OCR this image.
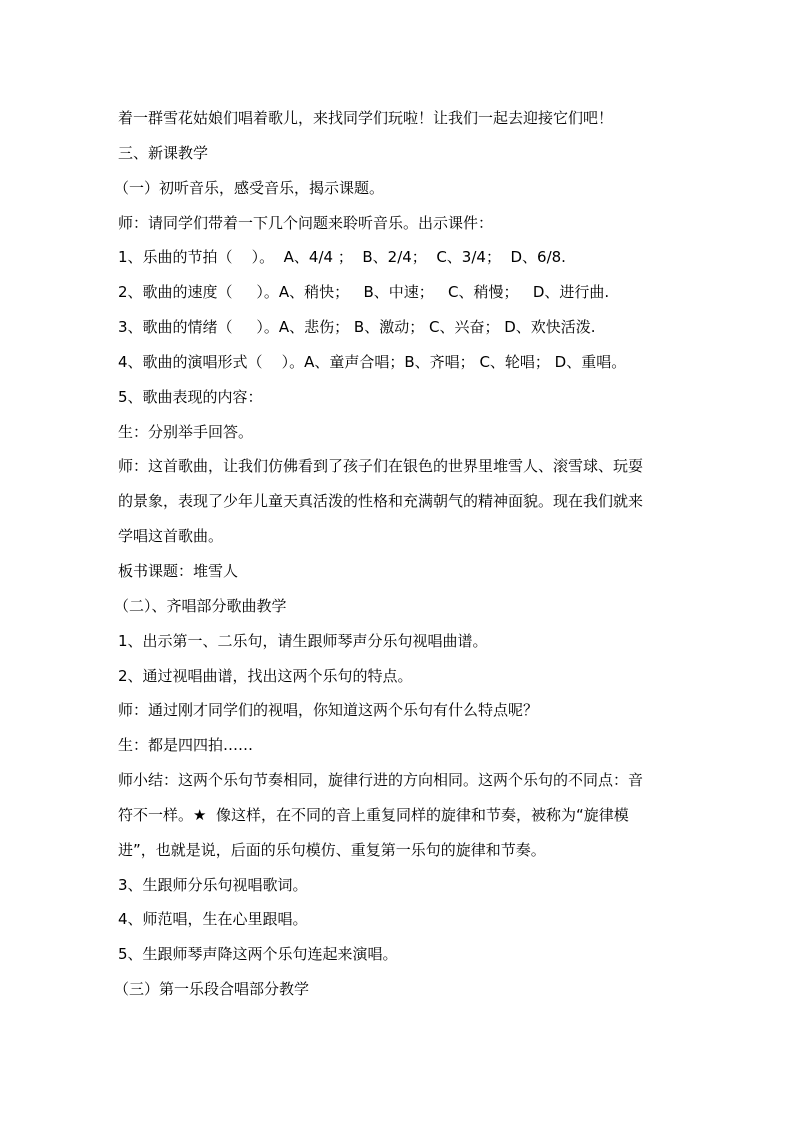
着一群雪花姑娘们唱着歌儿，来找同学们玩啦！让我们一起去迎接它们吧！
三、新课教学
（一）初听音乐，感受音乐，揭示课题。
师：请同学们带着一下几个问题来聆听音乐。出示课件：
1、乐曲的节拍（    ）。  A、4/4 ；  B、2/4；  C、3/4；  D、6/8.
2、歌曲的速度（     ）。A、稍快；   B、中速；   C、稍慢；   D、进行曲.
3、歌曲的情绪（     ）。A、悲伤； B、激动； C、兴奋； D、欢快活泼.
4、歌曲的演唱形式（    ）。A、童声合唱；B、齐唱； C、轮唱； D、重唱。
5、歌曲表现的内容：
生：分别举手回答。
师：这首歌曲，让我们仿佛看到了孩子们在银色的世界里堆雪人、滚雪球、玩耍
的景象，表现了少年儿童天真活泼的性格和充满朝气的精神面貌。现在我们就来
学唱这首歌曲。
板书课题：堆雪人
（二）、齐唱部分歌曲教学
1、出示第一、二乐句，请生跟师琴声分乐句视唱曲谱。
2、通过视唱曲谱，找出这两个乐句的特点。
师：通过刚才同学们的视唱，你知道这两个乐句有什么特点呢？
生：都是四四拍……
师小结：这两个乐句节奏相同，旋律行进的方向相同。这两个乐句的不同点：音
符不一样。★  像这样，在不同的音上重复同样的旋律和节奏，被称为“旋律模
进”，也就是说，后面的乐句模仿、重复第一乐句的旋律和节奏。
3、生跟师分乐句视唱歌词。
4、师范唱，生在心里跟唱。
5、生跟师琴声降这两个乐句连起来演唱。
（三）第一乐段合唱部分教学
